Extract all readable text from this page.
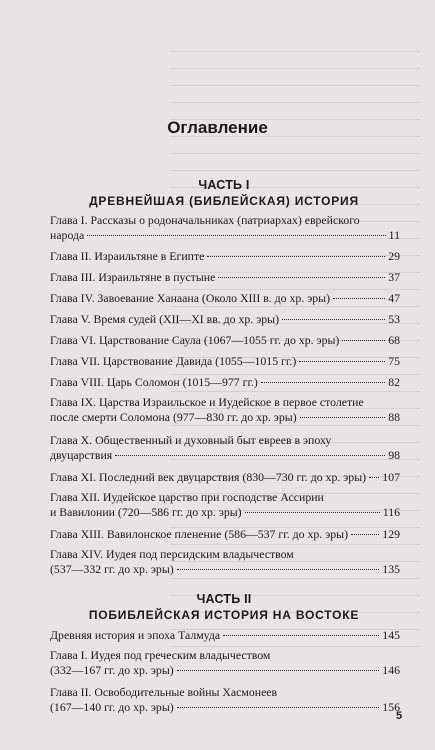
Оглавление
ЧАСТЬ I
ДРЕВНЕЙШАЯ (БИБЛЕЙСКАЯ) ИСТОРИЯ
Глава I. Рассказы о родоначальниках (патриархах) еврейского
народа	11
Глава II. Израильтяне в Египте	29
Глава III. Израильтяне в пустыне	37
Глава IV. Завоевание Ханаана (Около XIII в. до хр. эры)	47
Глава V. Время судей (XII—XI вв. до хр. эры)	53
Глава VI. Царствование Саула (1067—1055 гг. до хр. эры)	68
Глава VII. Царствование Давида (1055—1015 гг.)	75
Глава VIII. Царь Соломон (1015—977 гг.)	82
Глава IX. Царства Израильское и Иудейское в первое столетие
после смерти Соломона (977—830 гг. до хр. эры)	88
Глава X. Общественный и духовный быт евреев в эпоху
двуцарствия	98
Глава XI. Последний век двуцарствия (830—730 гг. до хр. эры) 107
Глава XII. Иудейское царство при господстве Ассирии
и Вавилонии (720—586 гг. до хр. эры)	116
Глава XIII. Вавилонское пленение (586—537 гг. до хр. эры)	129
Глава XIV. Иудея под персидским владычеством
(537—332 гг. до хр. эры)	135
ЧАСТЬ II
ПОБИБЛЕЙСКАЯ ИСТОРИЯ НА ВОСТОКЕ
Древняя история и эпоха Талмуда	145
Глава I. Иудея под греческим владычеством
(332—167 гг. до хр. эры)	146
Глава II. Освободительные войны Хасмонеев
(167—140 гг. до хр. эры)	156
5
